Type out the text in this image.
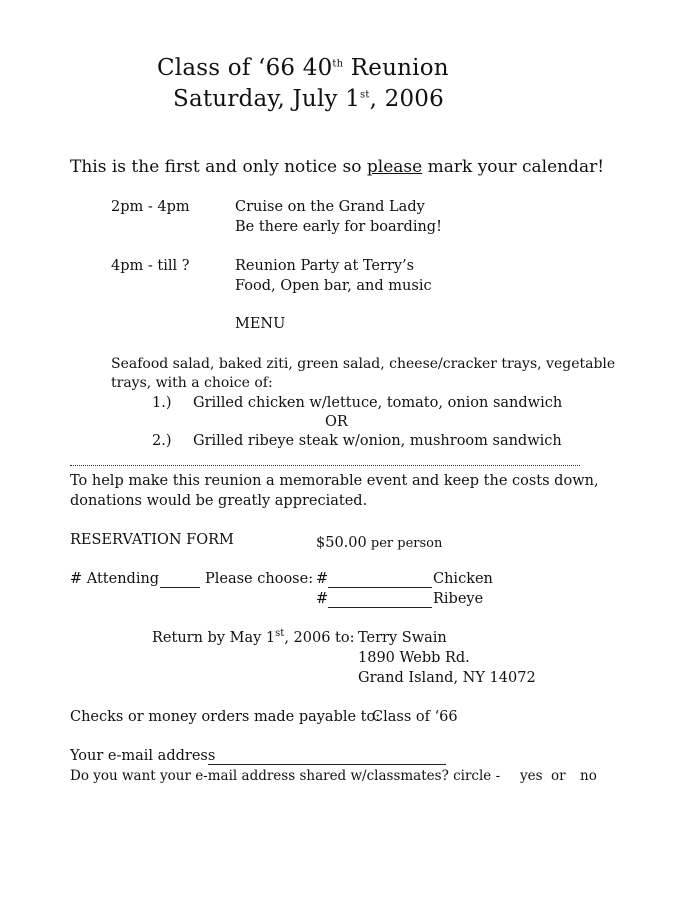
Class of ‘66 40th Reunion
Saturday, July 1st, 2006
This is the first and only notice so please mark your calendar!
2pm - 4pm	Cruise on the Grand Lady
Be there early for boarding!
4pm - till ?	Reunion Party at Terry’s
Food, Open bar, and music
MENU
Seafood salad, baked ziti, green salad, cheese/cracker trays, vegetable
trays, with a choice of:
1.) Grilled chicken w/lettuce, tomato, onion sandwich
OR
2.) Grilled ribeye steak w/onion, mushroom sandwich
To help make this reunion a memorable event and keep the costs down,
donations would be greatly appreciated.
RESERVATION FORM	$50.00 per person
# Attending	Please choose: #	Chicken
#	Ribeye
Return by May 1st, 2006 to: Terry Swain
1890 Webb Rd.
Grand Island, NY 14072
Checks or money orders made payable to:
Class of ‘66
Your e-mail address
Do you want your e-mail address shared w/classmates? circle - yes or no
